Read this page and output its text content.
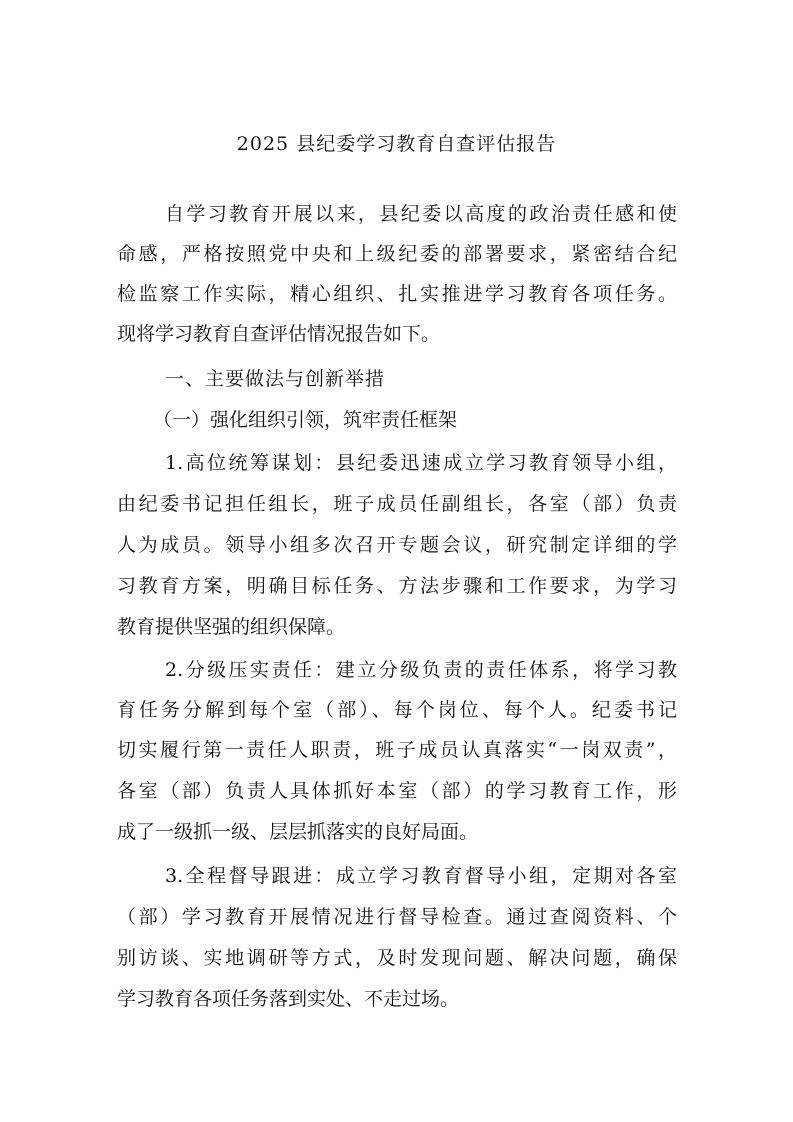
2025 县纪委学习教育自查评估报告
自学习教育开展以来，县纪委以高度的政治责任感和使
命感，严格按照党中央和上级纪委的部署要求，紧密结合纪
检监察工作实际，精心组织、扎实推进学习教育各项任务。
现将学习教育自查评估情况报告如下。
一、主要做法与创新举措
（一）强化组织引领，筑牢责任框架
1.高位统筹谋划：县纪委迅速成立学习教育领导小组，
由纪委书记担任组长，班子成员任副组长，各室（部）负责
人为成员。领导小组多次召开专题会议，研究制定详细的学
习教育方案，明确目标任务、方法步骤和工作要求，为学习
教育提供坚强的组织保障。
2.分级压实责任：建立分级负责的责任体系，将学习教
育任务分解到每个室（部）、每个岗位、每个人。纪委书记
切实履行第一责任人职责，班子成员认真落实“一岗双责”，
各室（部）负责人具体抓好本室（部）的学习教育工作，形
成了一级抓一级、层层抓落实的良好局面。
3.全程督导跟进：成立学习教育督导小组，定期对各室
（部）学习教育开展情况进行督导检查。通过查阅资料、个
别访谈、实地调研等方式，及时发现问题、解决问题，确保
学习教育各项任务落到实处、不走过场。
